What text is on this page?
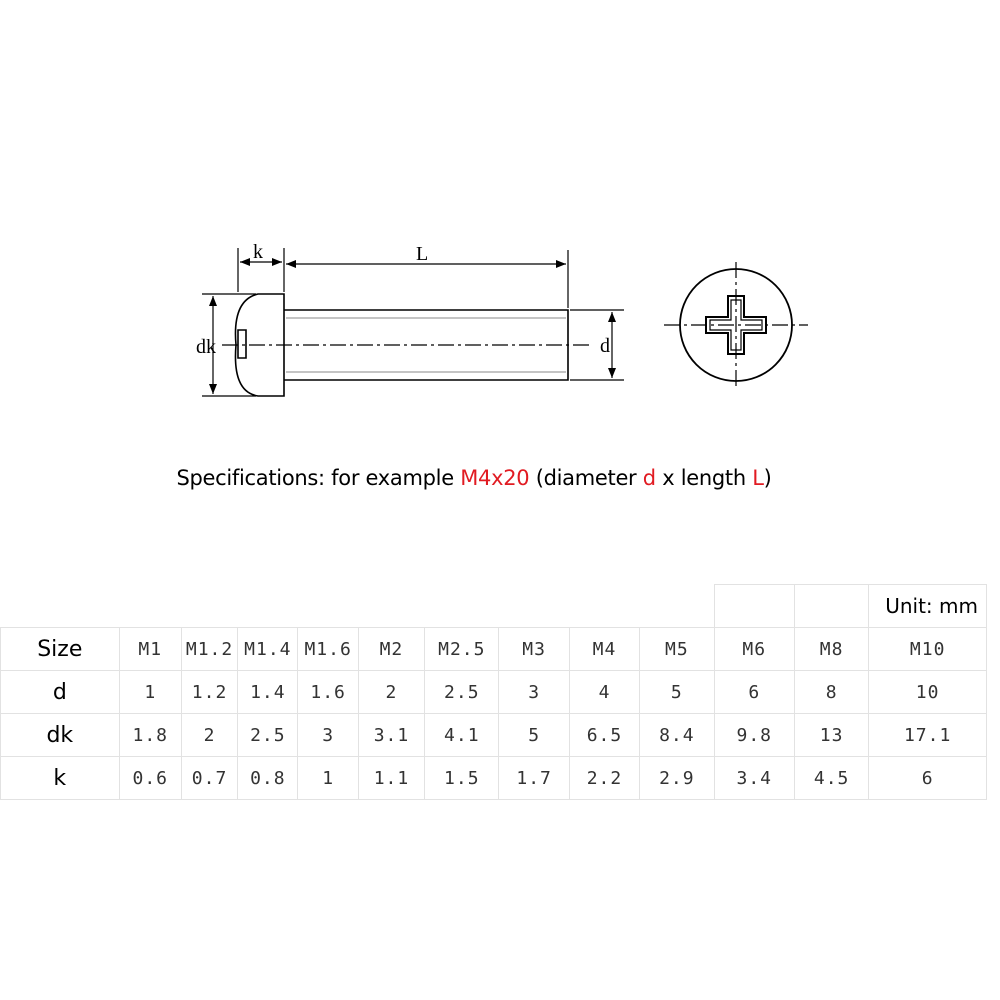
k	L
dk	d
Specifications: for example M4x20 (diameter d x length L)
												Unit: mm
Size	M1	M1.2	M1.4	M1.6	M2	M2.5	M3	M4	M5	M6	M8	M10
d	1	1.2	1.4	1.6	2	2.5	3	4	5	6	8	10
dk	1.8	2	2.5	3	3.1	4.1	5	6.5	8.4	9.8	13	17.1
k	0.6	0.7	0.8	1	1.1	1.5	1.7	2.2	2.9	3.4	4.5	6
